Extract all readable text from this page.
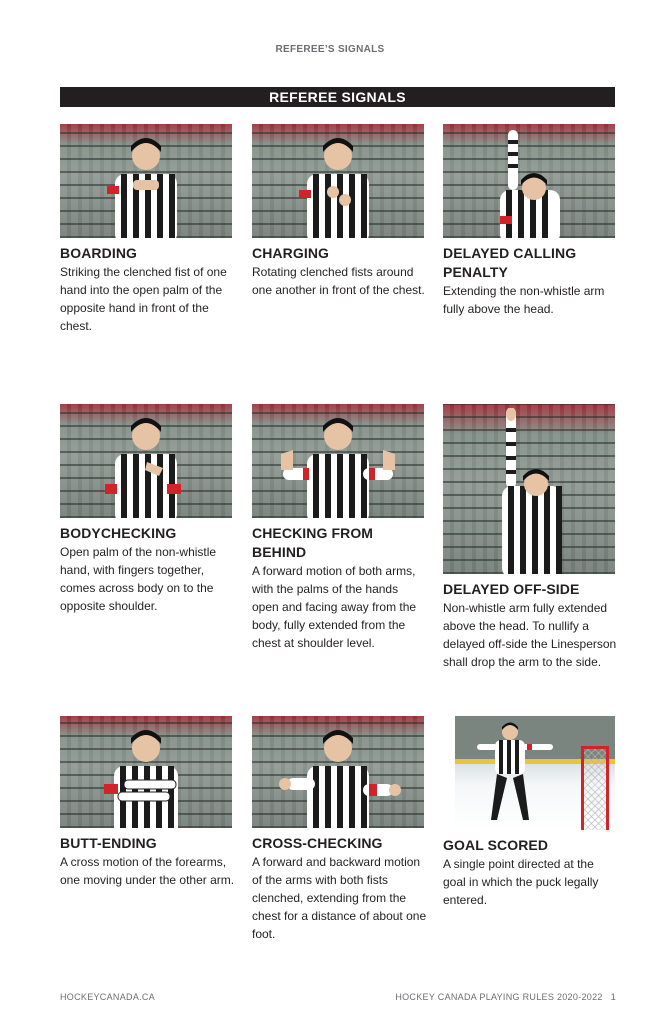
REFEREE’S SIGNALS
REFEREE SIGNALS
BOARDING
Striking the clenched fist of one hand into the open palm of the opposite hand in front of the chest.
CHARGING
Rotating clenched fists around one another in front of the chest.
DELAYED CALLING PENALTY
Extending the non-whistle arm fully above the head.
BODYCHECKING
Open palm of the non-whistle hand, with fingers together, comes across body on to the opposite shoulder.
CHECKING FROM BEHIND
A forward motion of both arms, with the palms of the hands open and facing away from the body, fully extended from the chest at shoulder level.
DELAYED OFF-SIDE
Non-whistle arm fully extended above the head. To nullify a delayed off-side the Linesperson shall drop the arm to the side.
BUTT-ENDING
A cross motion of the forearms, one moving under the other arm.
CROSS-CHECKING
A forward and backward motion of the arms with both fists clenched, extending from the chest for a distance of about one foot.
GOAL SCORED
A single point directed at the goal in which the puck legally entered.
HOCKEYCANADA.CA	HOCKEY CANADA PLAYING RULES 2020-2022 1
